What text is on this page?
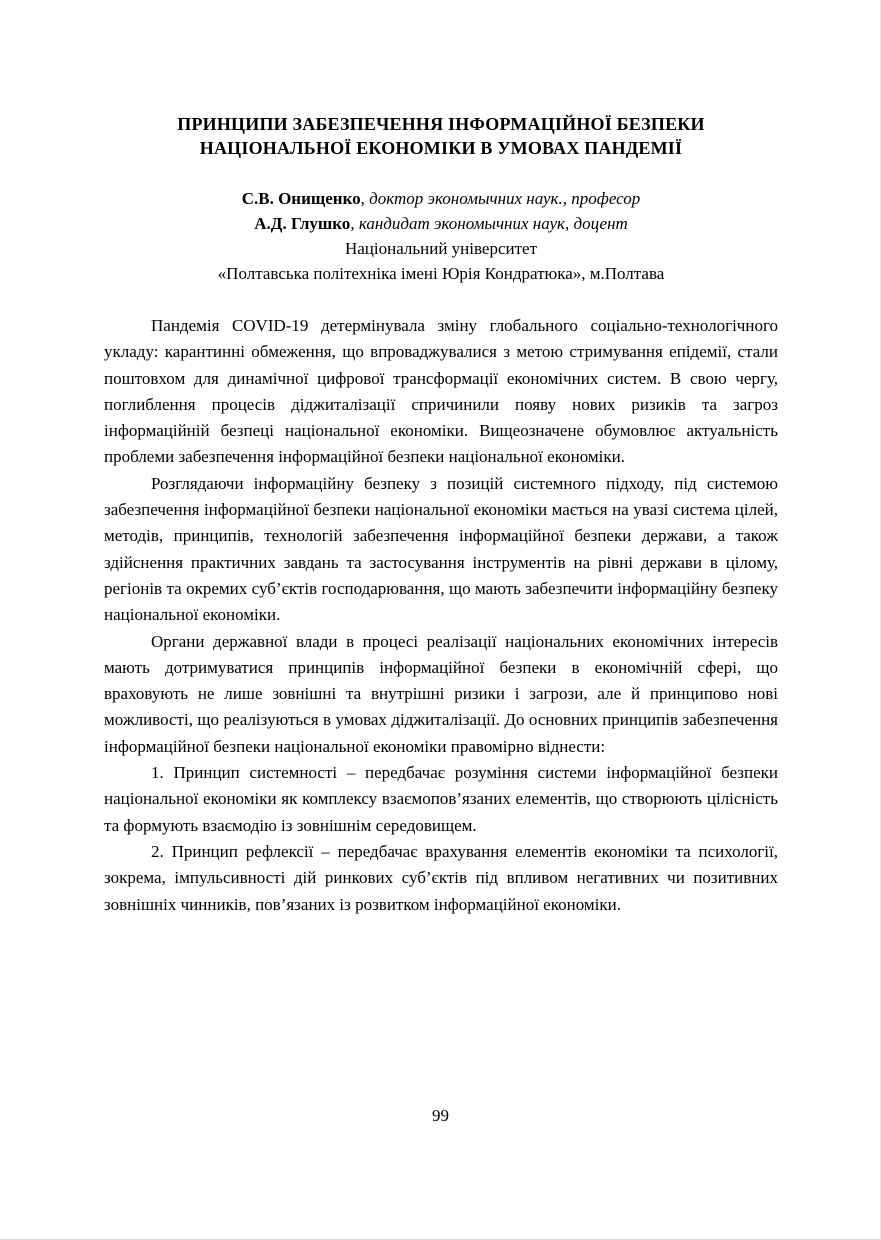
ПРИНЦИПИ ЗАБЕЗПЕЧЕННЯ ІНФОРМАЦІЙНОЇ БЕЗПЕКИ
НАЦІОНАЛЬНОЇ ЕКОНОМІКИ В УМОВАХ ПАНДЕМІЇ
С.В. Онищенко, доктор экономычних наук., професор
А.Д. Глушко, кандидат экономычних наук, доцент
Національний університет
«Полтавська політехніка імені Юрія Кондратюка», м.Полтава

Пандемія COVID-19 детермінувала зміну глобального соціально-технологічного укладу: карантинні обмеження, що впроваджувалися з метою стримування епідемії, стали поштовхом для динамічної цифрової трансформації економічних систем. В свою чергу, поглиблення процесів діджиталізації спричинили появу нових ризиків та загроз інформаційній безпеці національної економіки. Вищеозначене обумовлює актуальність проблеми забезпечення інформаційної безпеки національної економіки.

Розглядаючи інформаційну безпеку з позицій системного підходу, під системою забезпечення інформаційної безпеки національної економіки мається на увазі система цілей, методів, принципів, технологій забезпечення інформаційної безпеки держави, а також здійснення практичних завдань та застосування інструментів на рівні держави в цілому, регіонів та окремих суб’єктів господарювання, що мають забезпечити інформаційну безпеку національної економіки.

Органи державної влади в процесі реалізації національних економічних інтересів мають дотримуватися принципів інформаційної безпеки в економічній сфері, що враховують не лише зовнішні та внутрішні ризики і загрози, але й принципово нові можливості, що реалізуються в умовах діджиталізації. До основних принципів забезпечення інформаційної безпеки національної економіки правомірно віднести:

1. Принцип системності – передбачає розуміння системи інформаційної безпеки національної економіки як комплексу взаємопов’язаних елементів, що створюють цілісність та формують взаємодію із зовнішнім середовищем.

2. Принцип рефлексії – передбачає врахування елементів економіки та психології, зокрема, імпульсивності дій ринкових суб’єктів під впливом негативних чи позитивних зовнішніх чинників, пов’язаних із розвитком інформаційної економіки.

99
